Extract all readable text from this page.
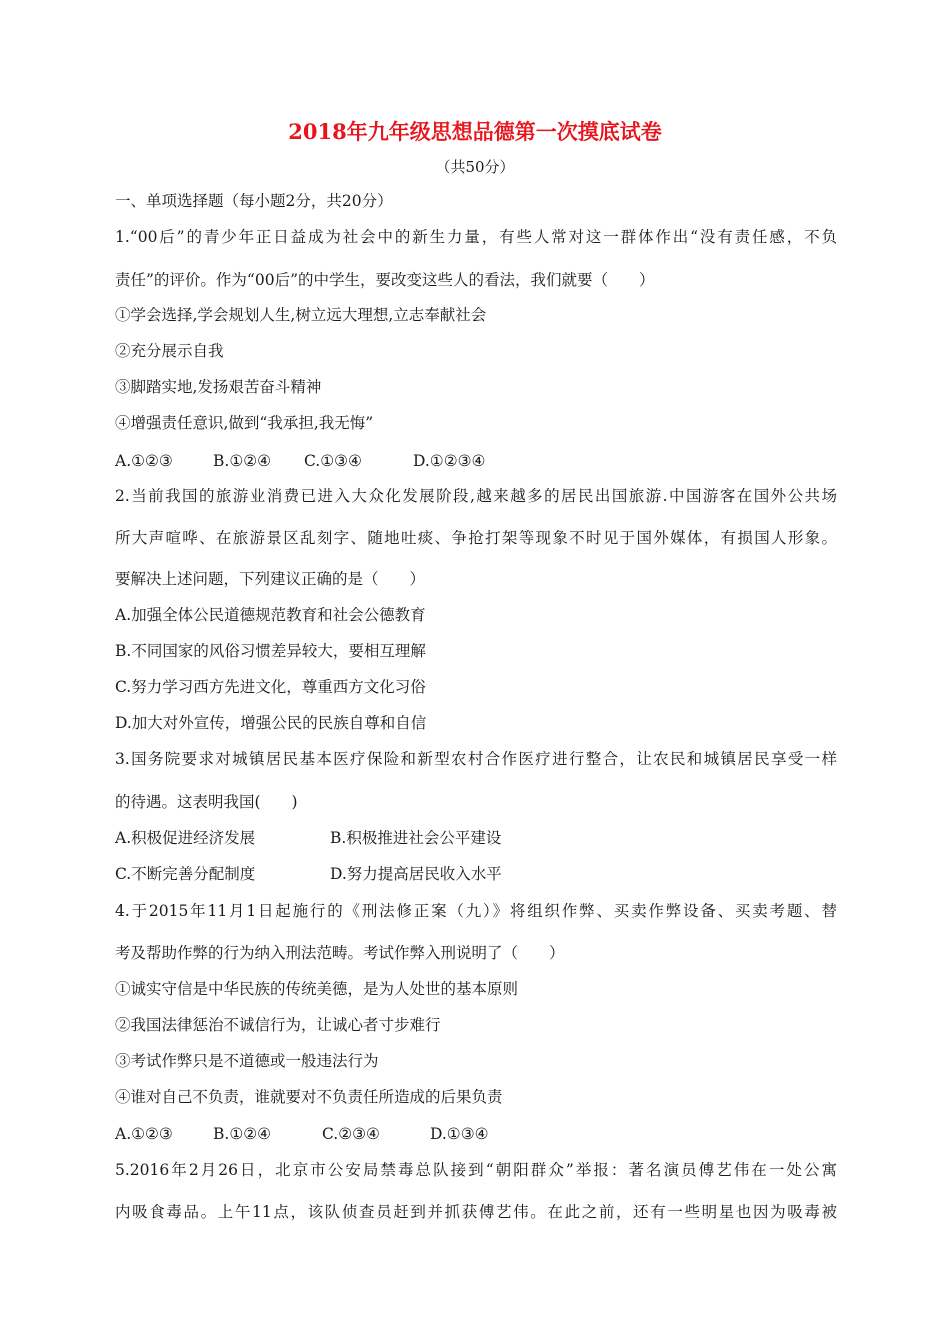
2018年九年级思想品德第一次摸底试卷
（共50分）
一、单项选择题（每小题2分，共20分）
1.“00后”的青少年正日益成为社会中的新生力量，有些人常对这一群体作出“没有责任感，不负
责任”的评价。作为“00后”的中学生，要改变这些人的看法，我们就要（　　）
①学会选择,学会规划人生,树立远大理想,立志奉献社会
②充分展示自我
③脚踏实地,发扬艰苦奋斗精神
④增强责任意识,做到“我承担,我无悔”
A.①②③	B.①②④ C.①③④	D.①②③④
2.当前我国的旅游业消费已进入大众化发展阶段,越来越多的居民出国旅游.中国游客在国外公共场
所大声喧哗、在旅游景区乱刻字、随地吐痰、争抢打架等现象不时见于国外媒体，有损国人形象。
要解决上述问题，下列建议正确的是（　　）
A.加强全体公民道德规范教育和社会公德教育
B.不同国家的风俗习惯差异较大，要相互理解
C.努力学习西方先进文化，尊重西方文化习俗
D.加大对外宣传，增强公民的民族自尊和自信
3.国务院要求对城镇居民基本医疗保险和新型农村合作医疗进行整合，让农民和城镇居民享受一样
的待遇。这表明我国(　　)
A.积极促进经济发展	B.积极推进社会公平建设
C.不断完善分配制度	D.努力提高居民收入水平
4.于2015年11月1日起施行的《刑法修正案（九）》将组织作弊、买卖作弊设备、买卖考题、替
考及帮助作弊的行为纳入刑法范畴。考试作弊入刑说明了（　　）
①诚实守信是中华民族的传统美德，是为人处世的基本原则
②我国法律惩治不诚信行为，让诚心者寸步难行
③考试作弊只是不道德或一般违法行为
④谁对自己不负责，谁就要对不负责任所造成的后果负责
A.①②③	B.①②④	C.②③④	D.①③④
5.2016年2月26日，北京市公安局禁毒总队接到“朝阳群众”举报：著名演员傅艺伟在一处公寓
内吸食毒品。上午11点，该队侦查员赶到并抓获傅艺伟。在此之前，还有一些明星也因为吸毒被
